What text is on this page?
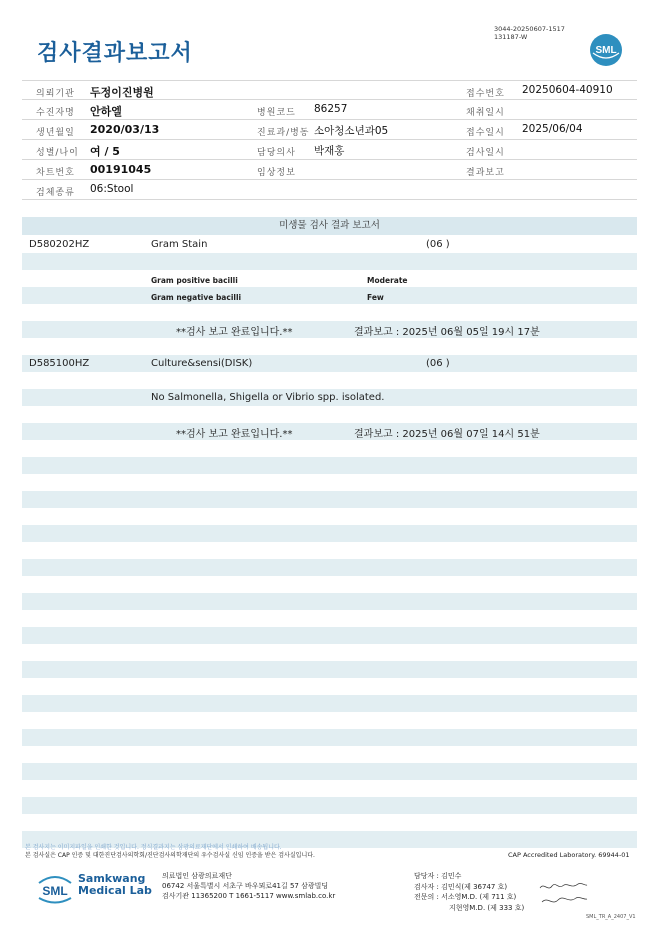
검사결과보고서
3044-20250607-1517
131187-W
SML
의뢰기관 두정이진병원	접수번호 20250604-40910
수진자명 안하엘	병원코드 86257	채취일시
생년월일 2020/03/13	진료과/병동 소아청소년과05	접수일시 2025/06/04
성별/나이 여 / 5	담당의사 박재홍	검사일시
차트번호 00191045	임상정보	결과보고
검체종류 06:Stool
미생물 검사 결과 보고서
D580202HZ	Gram Stain	(06 )
Gram positive bacilli	Moderate
Gram negative bacilli	Few
**검사 보고 완료입니다.**	결과보고 : 2025년 06월 05일 19시 17분
D585100HZ	Culture&sensi(DISK)	(06 )
No Salmonella, Shigella or Vibrio spp. isolated.
**검사 보고 완료입니다.**	결과보고 : 2025년 06월 07일 14시 51분
본 검사지는 이미지파일을 인쇄한 것입니다. 정식결과지는 삼광의료재단에서 인쇄하여 배송됩니다.
본 검사실은 CAP 인증 및 대한진단검사의학회/진단검사의학재단의 우수검사실 신임 인증을 받은 검사실입니다.	CAP Accredited Laboratory. 69944-01
SML
Samkwang
Medical Lab
의료법인 삼광의료재단
06742 서울특별시 서초구 바우뫼로41길 57 삼광빌딩
검사기관 11365200 T 1661-5117 www.smlab.co.kr
담당자 : 김민수
검사자 : 김민식(제 36747 호)
전문의 : 서소영M.D. (제 711 호)
지현영M.D. (제 333 호)
SML_TR_A_2407_V1
